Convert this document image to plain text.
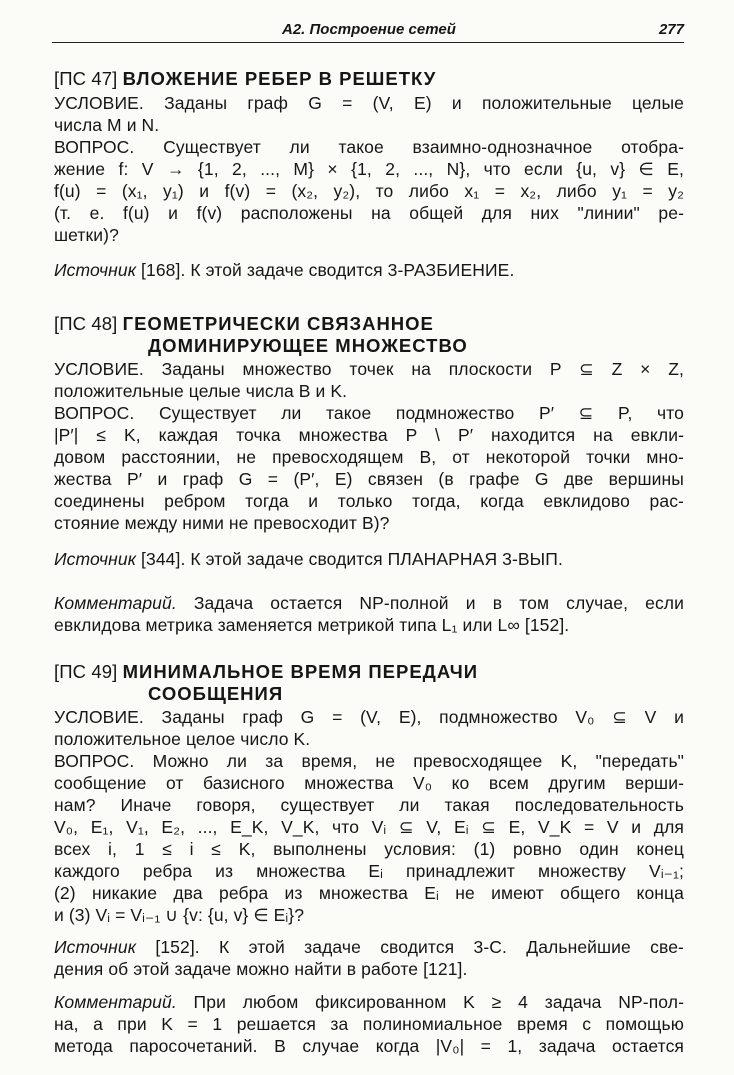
А2. Построение сетей	277
[ПС 47] ВЛОЖЕНИЕ РЕБЕР В РЕШЕТКУ
УСЛОВИЕ. Заданы граф G = (V, E) и положительные целые
числа M и N.
ВОПРОС. Существует ли такое взаимно-однозначное отобра-
жение f: V → {1, 2, ..., M} × {1, 2, ..., N}, что если {u, v} ∈ E,
f(u) = (x₁, y₁) и f(v) = (x₂, y₂), то либо x₁ = x₂, либо y₁ = y₂
(т. е. f(u) и f(v) расположены на общей для них "линии" ре-
шетки)?
Источник [168]. К этой задаче сводится 3-РАЗБИЕНИЕ.
[ПС 48] ГЕОМЕТРИЧЕСКИ СВЯЗАННОЕ
ДОМИНИРУЮЩЕЕ МНОЖЕСТВО
УСЛОВИЕ. Заданы множество точек на плоскости P ⊆ Z × Z,
положительные целые числа B и K.
ВОПРОС. Существует ли такое подмножество P′ ⊆ P, что
|P′| ≤ K, каждая точка множества P \ P′ находится на евкли-
довом расстоянии, не превосходящем B, от некоторой точки мно-
жества P′ и граф G = (P′, E) связен (в графе G две вершины
соединены ребром тогда и только тогда, когда евклидово рас-
стояние между ними не превосходит B)?
Источник [344]. К этой задаче сводится ПЛАНАРНАЯ 3-ВЫП.
Комментарий. Задача остается NP-полной и в том случае, если
евклидова метрика заменяется метрикой типа L₁ или L∞ [152].
[ПС 49] МИНИМАЛЬНОЕ ВРЕМЯ ПЕРЕДАЧИ
СООБЩЕНИЯ
УСЛОВИЕ. Заданы граф G = (V, E), подмножество V₀ ⊆ V и
положительное целое число K.
ВОПРОС. Можно ли за время, не превосходящее K, "передать"
сообщение от базисного множества V₀ ко всем другим верши-
нам? Иначе говоря, существует ли такая последовательность
V₀, E₁, V₁, E₂, ..., E_K, V_K, что Vᵢ ⊆ V, Eᵢ ⊆ E, V_K = V и для
всех i, 1 ≤ i ≤ K, выполнены условия: (1) ровно один конец
каждого ребра из множества Eᵢ принадлежит множеству Vᵢ₋₁;
(2) никакие два ребра из множества Eᵢ не имеют общего конца
и (3) Vᵢ = Vᵢ₋₁ ∪ {v: {u, v} ∈ Eᵢ}?
Источник [152]. К этой задаче сводится 3-С. Дальнейшие све-
дения об этой задаче можно найти в работе [121].
Комментарий. При любом фиксированном K ≥ 4 задача NP-пол-
на, а при K = 1 решается за полиномиальное время с помощью
метода паросочетаний. В случае когда |V₀| = 1, задача остается
